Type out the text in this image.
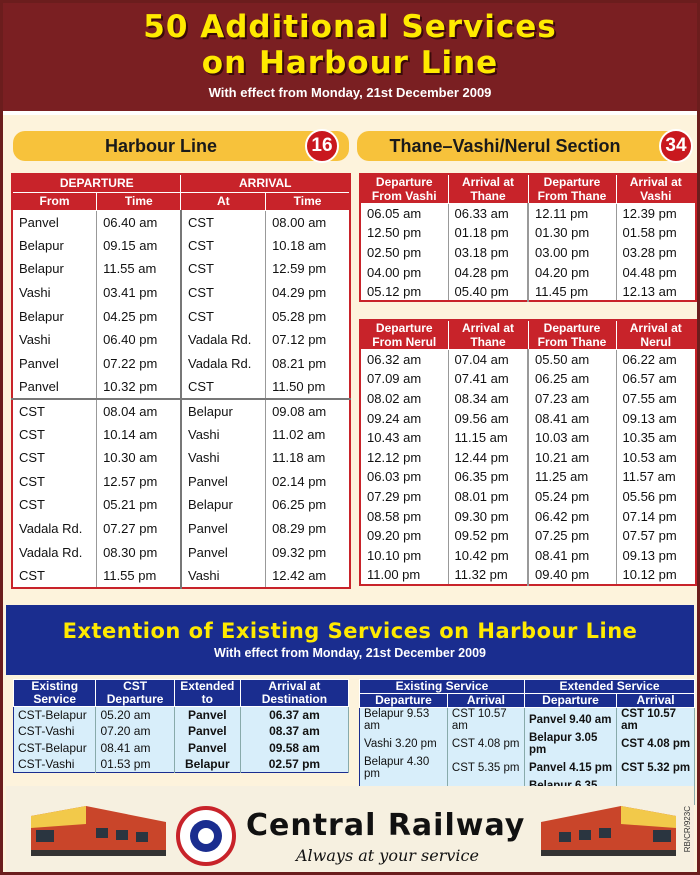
50 Additional Services
on Harbour Line
With effect from Monday, 21st December 2009
Harbour Line	16	Thane–Vashi/Nerul Section	34
DEPARTURE		ARRIVAL	
From	Time	At	Time
Panvel	06.40 am	CST	08.00 am
Belapur	09.15 am	CST	10.18 am
Belapur	11.55 am	CST	12.59 pm
Vashi	03.41 pm	CST	04.29 pm
Belapur	04.25 pm	CST	05.28 pm
Vashi	06.40 pm	Vadala Rd.	07.12 pm
Panvel	07.22 pm	Vadala Rd.	08.21 pm
Panvel	10.32 pm	CST	11.50 pm
CST	08.04 am	Belapur	09.08 am
CST	10.14 am	Vashi	11.02 am
CST	10.30 am	Vashi	11.18 am
CST	12.57 pm	Panvel	02.14 pm
CST	05.21 pm	Belapur	06.25 pm
Vadala Rd.	07.27 pm	Panvel	08.29 pm
Vadala Rd.	08.30 pm	Panvel	09.32 pm
CST	11.55 pm	Vashi	12.42 am
Departure From Vashi	Arrival at Thane	Departure From Thane	Arrival at Vashi
06.05 am	06.33 am	12.11 pm	12.39 pm
12.50 pm	01.18 pm	01.30 pm	01.58 pm
02.50 pm	03.18 pm	03.00 pm	03.28 pm
04.00 pm	04.28 pm	04.20 pm	04.48 pm
05.12 pm	05.40 pm	11.45 pm	12.13 am
Departure From Nerul	Arrival at Thane	Departure From Thane	Arrival at Nerul
06.32 am	07.04 am	05.50 am	06.22 am
07.09 am	07.41 am	06.25 am	06.57 am
08.02 am	08.34 am	07.23 am	07.55 am
09.24 am	09.56 am	08.41 am	09.13 am
10.43 am	11.15 am	10.03 am	10.35 am
12.12 pm	12.44 pm	10.21 am	10.53 am
06.03 pm	06.35 pm	11.25 am	11.57 am
07.29 pm	08.01 pm	05.24 pm	05.56 pm
08.58 pm	09.30 pm	06.42 pm	07.14 pm
09.20 pm	09.52 pm	07.25 pm	07.57 pm
10.10 pm	10.42 pm	08.41 pm	09.13 pm
11.00 pm	11.32 pm	09.40 pm	10.12 pm
Extention of Existing Services on Harbour Line
With effect from Monday, 21st December 2009
Existing Service	CST Departure	Extended to	Arrival at Destination
CST-Belapur	05.20 am	Panvel	06.37 am
CST-Vashi	07.20 am	Panvel	08.37 am
CST-Belapur	08.41 am	Panvel	09.58 am
CST-Vashi	01.53 pm	Belapur	02.57 pm
Existing Service		Extended Service	
Departure	Arrival	Departure	Arrival
Belapur 9.53 am	CST 10.57 am	Panvel 9.40 am	CST 10.57 am
Vashi 3.20 pm	CST 4.08 pm	Belapur 3.05 pm	CST 4.08 pm
Belapur 4.30 pm	CST 5.35 pm	Panvel 4.15 pm	CST 5.32 pm

Central Railway
Always at your service
RB/CR/923C
